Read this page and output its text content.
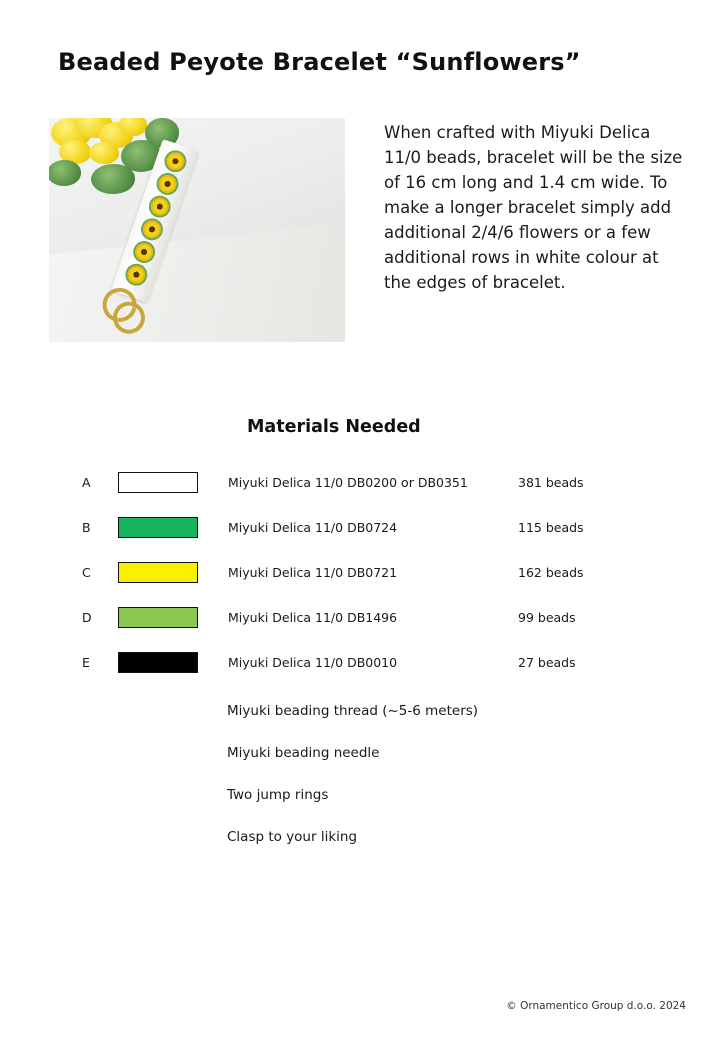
Beaded Peyote Bracelet “Sunflowers”
When crafted with Miyuki Delica 11/0 beads, bracelet will be the size of 16 cm long and 1.4 cm wide. To make a longer bracelet simply add additional 2/4/6 flowers or a few additional rows in white colour at the edges of bracelet.
Materials Needed
A		Miyuki Delica 11/0 DB0200 or DB0351	381 beads
B		Miyuki Delica 11/0 DB0724	115 beads
C		Miyuki Delica 11/0 DB0721	162 beads
D		Miyuki Delica 11/0 DB1496	99 beads
E		Miyuki Delica 11/0 DB0010	27 beads
Miyuki beading thread (~5-6 meters)
Miyuki beading needle
Two jump rings
Clasp to your liking
© Ornamentico Group d.o.o. 2024
